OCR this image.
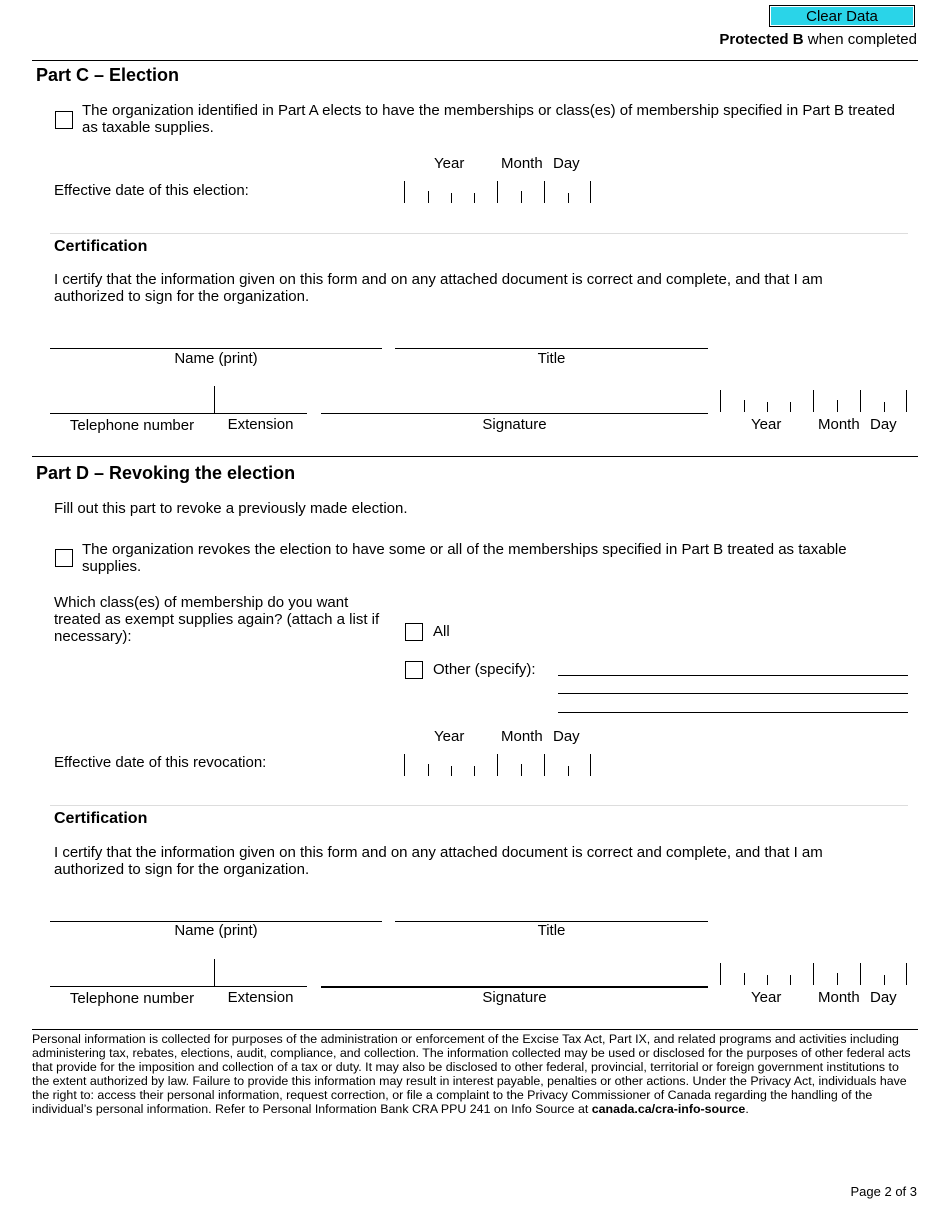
Clear Data
Protected B when completed
Part C – Election
The organization identified in Part A elects to have the memberships or class(es) of membership specified in Part B treated as taxable supplies.
Year Month Day
Effective date of this election:
Certification
I certify that the information given on this form and on any attached document is correct and complete, and that I am authorized to sign for the organization.
Name (print)	Title
Telephone number	Extension	Signature	Year Month Day
Part D – Revoking the election
Fill out this part to revoke a previously made election.
The organization revokes the election to have some or all of the memberships specified in Part B treated as taxable supplies.
Which class(es) of membership do you want treated as exempt supplies again? (attach a list if necessary):	All
Other (specify):
Year Month Day
Effective date of this revocation:
Certification
I certify that the information given on this form and on any attached document is correct and complete, and that I am authorized to sign for the organization.
Name (print)	Title
Telephone number	Extension	Signature	Year Month Day
Personal information is collected for purposes of the administration or enforcement of the Excise Tax Act, Part IX, and related programs and activities including administering tax, rebates, elections, audit, compliance, and collection. The information collected may be used or disclosed for the purposes of other federal acts that provide for the imposition and collection of a tax or duty. It may also be disclosed to other federal, provincial, territorial or foreign government institutions to the extent authorized by law. Failure to provide this information may result in interest payable, penalties or other actions. Under the Privacy Act, individuals have the right to: access their personal information, request correction, or file a complaint to the Privacy Commissioner of Canada regarding the handling of the individual’s personal information. Refer to Personal Information Bank CRA PPU 241 on Info Source at canada.ca/cra-info-source.
Page 2 of 3
